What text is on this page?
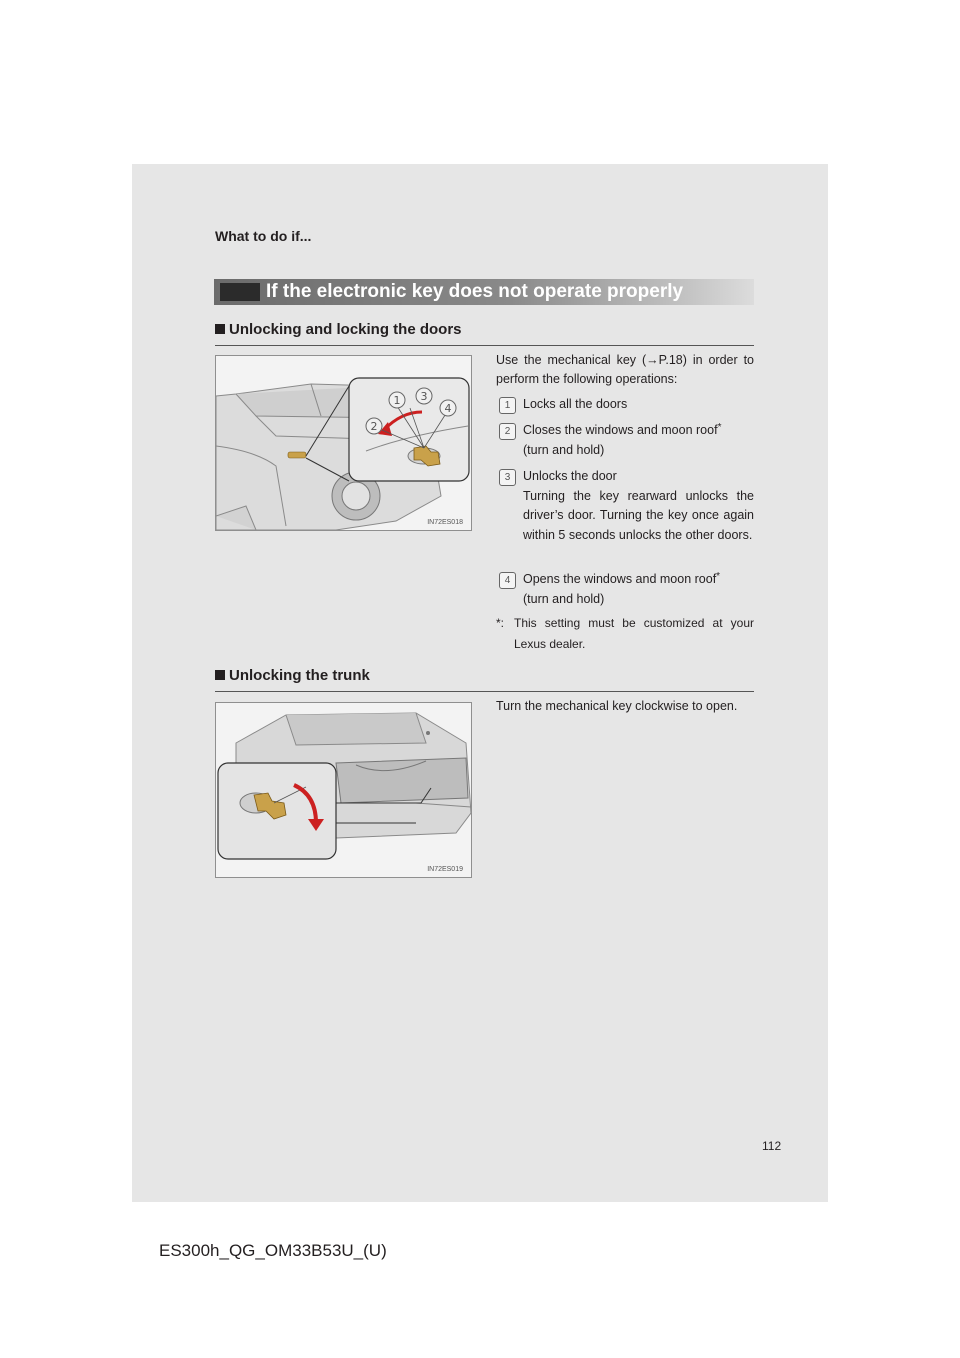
What to do if...
If the electronic key does not operate properly
Unlocking and locking the doors
1
2
3
4
IN72ES018
Use the mechanical key (→P.18) in order to perform the following operations:
1	Locks all the doors
2	Closes the windows and moon roof*
(turn and hold)
3	Unlocks the door
Turning the key rearward unlocks the driver’s door. Turning the key once again within 5 seconds unlocks the other doors.
4	Opens the windows and moon roof*
(turn and hold)
*: This setting must be customized at your Lexus dealer.
Unlocking the trunk
IN72ES019
Turn the mechanical key clockwise to open.
112
ES300h_QG_OM33B53U_(U)
